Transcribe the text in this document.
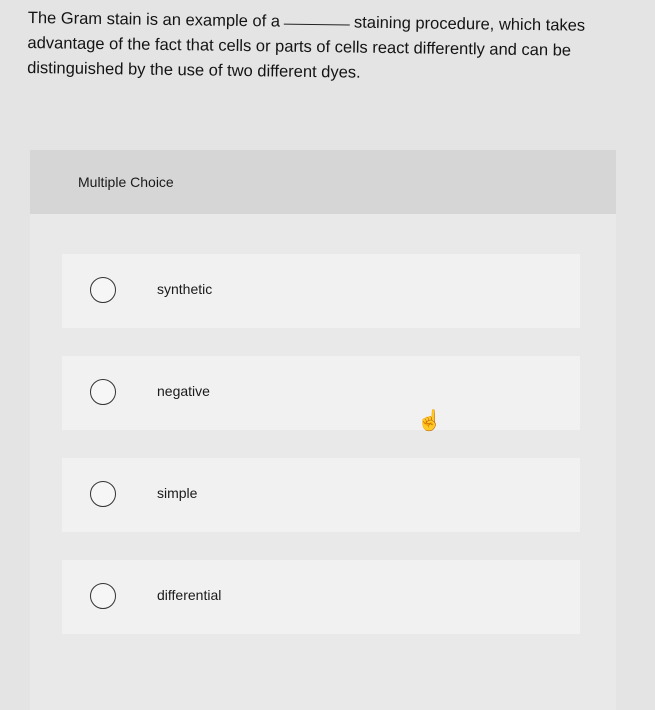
The Gram stain is an example of a	staining procedure, which takes advantage of the fact that cells or parts of cells react differently and can be distinguished by the use of two different dyes.
Multiple Choice
synthetic
negative
simple
differential
☝
